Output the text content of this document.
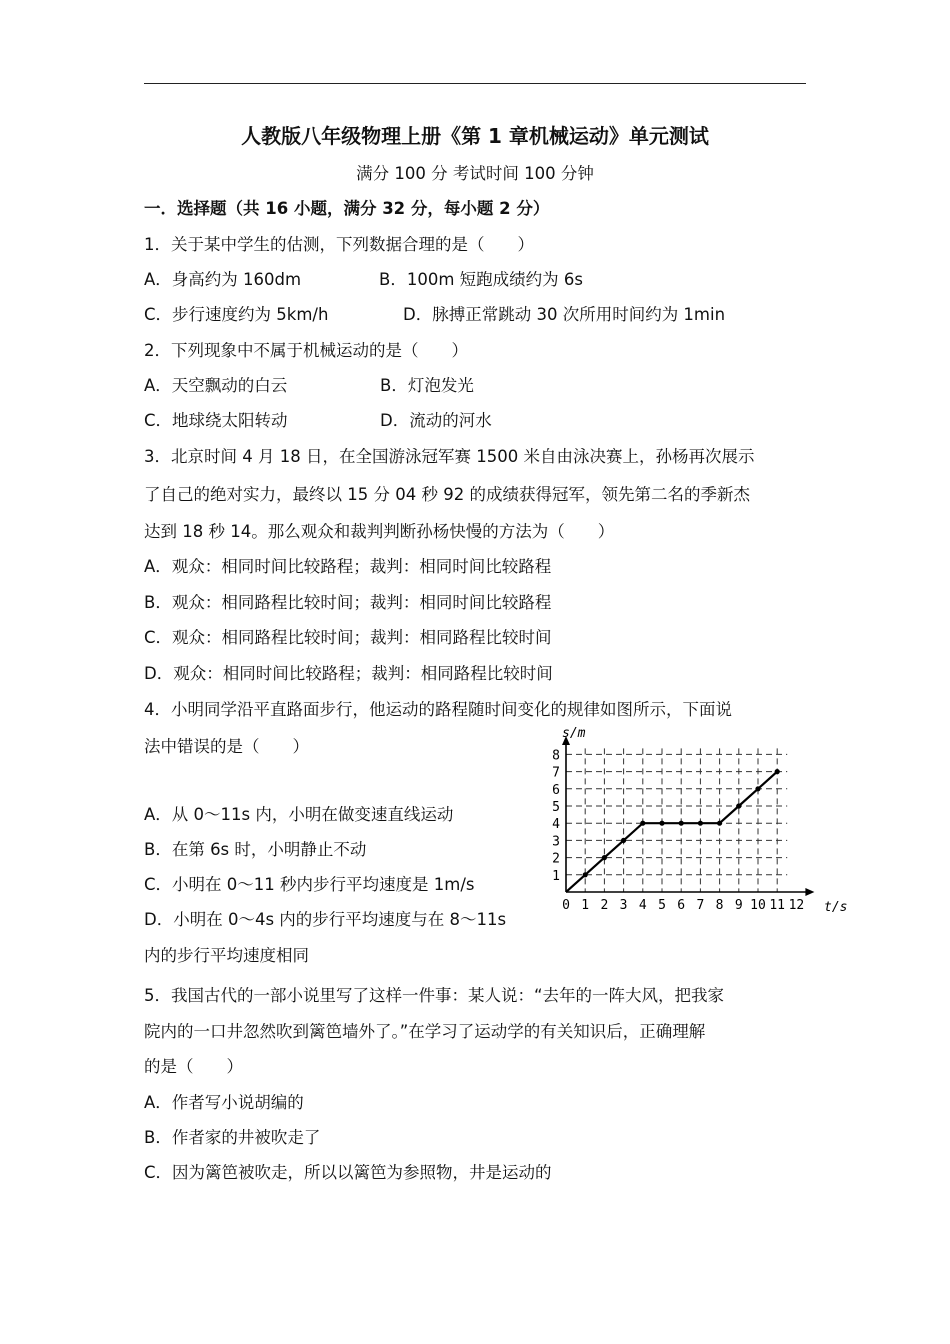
人教版八年级物理上册《第 1 章机械运动》单元测试
满分 100 分 考试时间 100 分钟
一．选择题（共 16 小题，满分 32 分，每小题 2 分）
1．关于某中学生的估测，下列数据合理的是（　　）
A．身高约为 160dm	B．100m 短跑成绩约为 6s
C．步行速度约为 5km/h	D．脉搏正常跳动 30 次所用时间约为 1min
2．下列现象中不属于机械运动的是（　　）
A．天空飘动的白云	B．灯泡发光
C．地球绕太阳转动	D．流动的河水
3．北京时间 4 月 18 日，在全国游泳冠军赛 1500 米自由泳决赛上，孙杨再次展示
了自己的绝对实力，最终以 15 分 04 秒 92 的成绩获得冠军，领先第二名的季新杰
达到 18 秒 14。那么观众和裁判判断孙杨快慢的方法为（　　）
A．观众：相同时间比较路程；裁判：相同时间比较路程
B．观众：相同路程比较时间；裁判：相同时间比较路程
C．观众：相同路程比较时间；裁判：相同路程比较时间
D．观众：相同时间比较路程；裁判：相同路程比较时间
4．小明同学沿平直路面步行，他运动的路程随时间变化的规律如图所示，下面说
法中错误的是（　　）
A．从 0～11s 内，小明在做变速直线运动
B．在第 6s 时，小明静止不动
C．小明在 0～11 秒内步行平均速度是 1m/s
D．小明在 0～4s 内的步行平均速度与在 8～11s
内的步行平均速度相同
0 1 2 3 4 5 6 7 8 9 10 11 12
1
2
3
4
5
6
7
8
s/m
t/s
5．我国古代的一部小说里写了这样一件事：某人说：“去年的一阵大风，把我家
院内的一口井忽然吹到篱笆墙外了。”在学习了运动学的有关知识后，正确理解
的是（　　）
A．作者写小说胡编的
B．作者家的井被吹走了
C．因为篱笆被吹走，所以以篱笆为参照物，井是运动的
